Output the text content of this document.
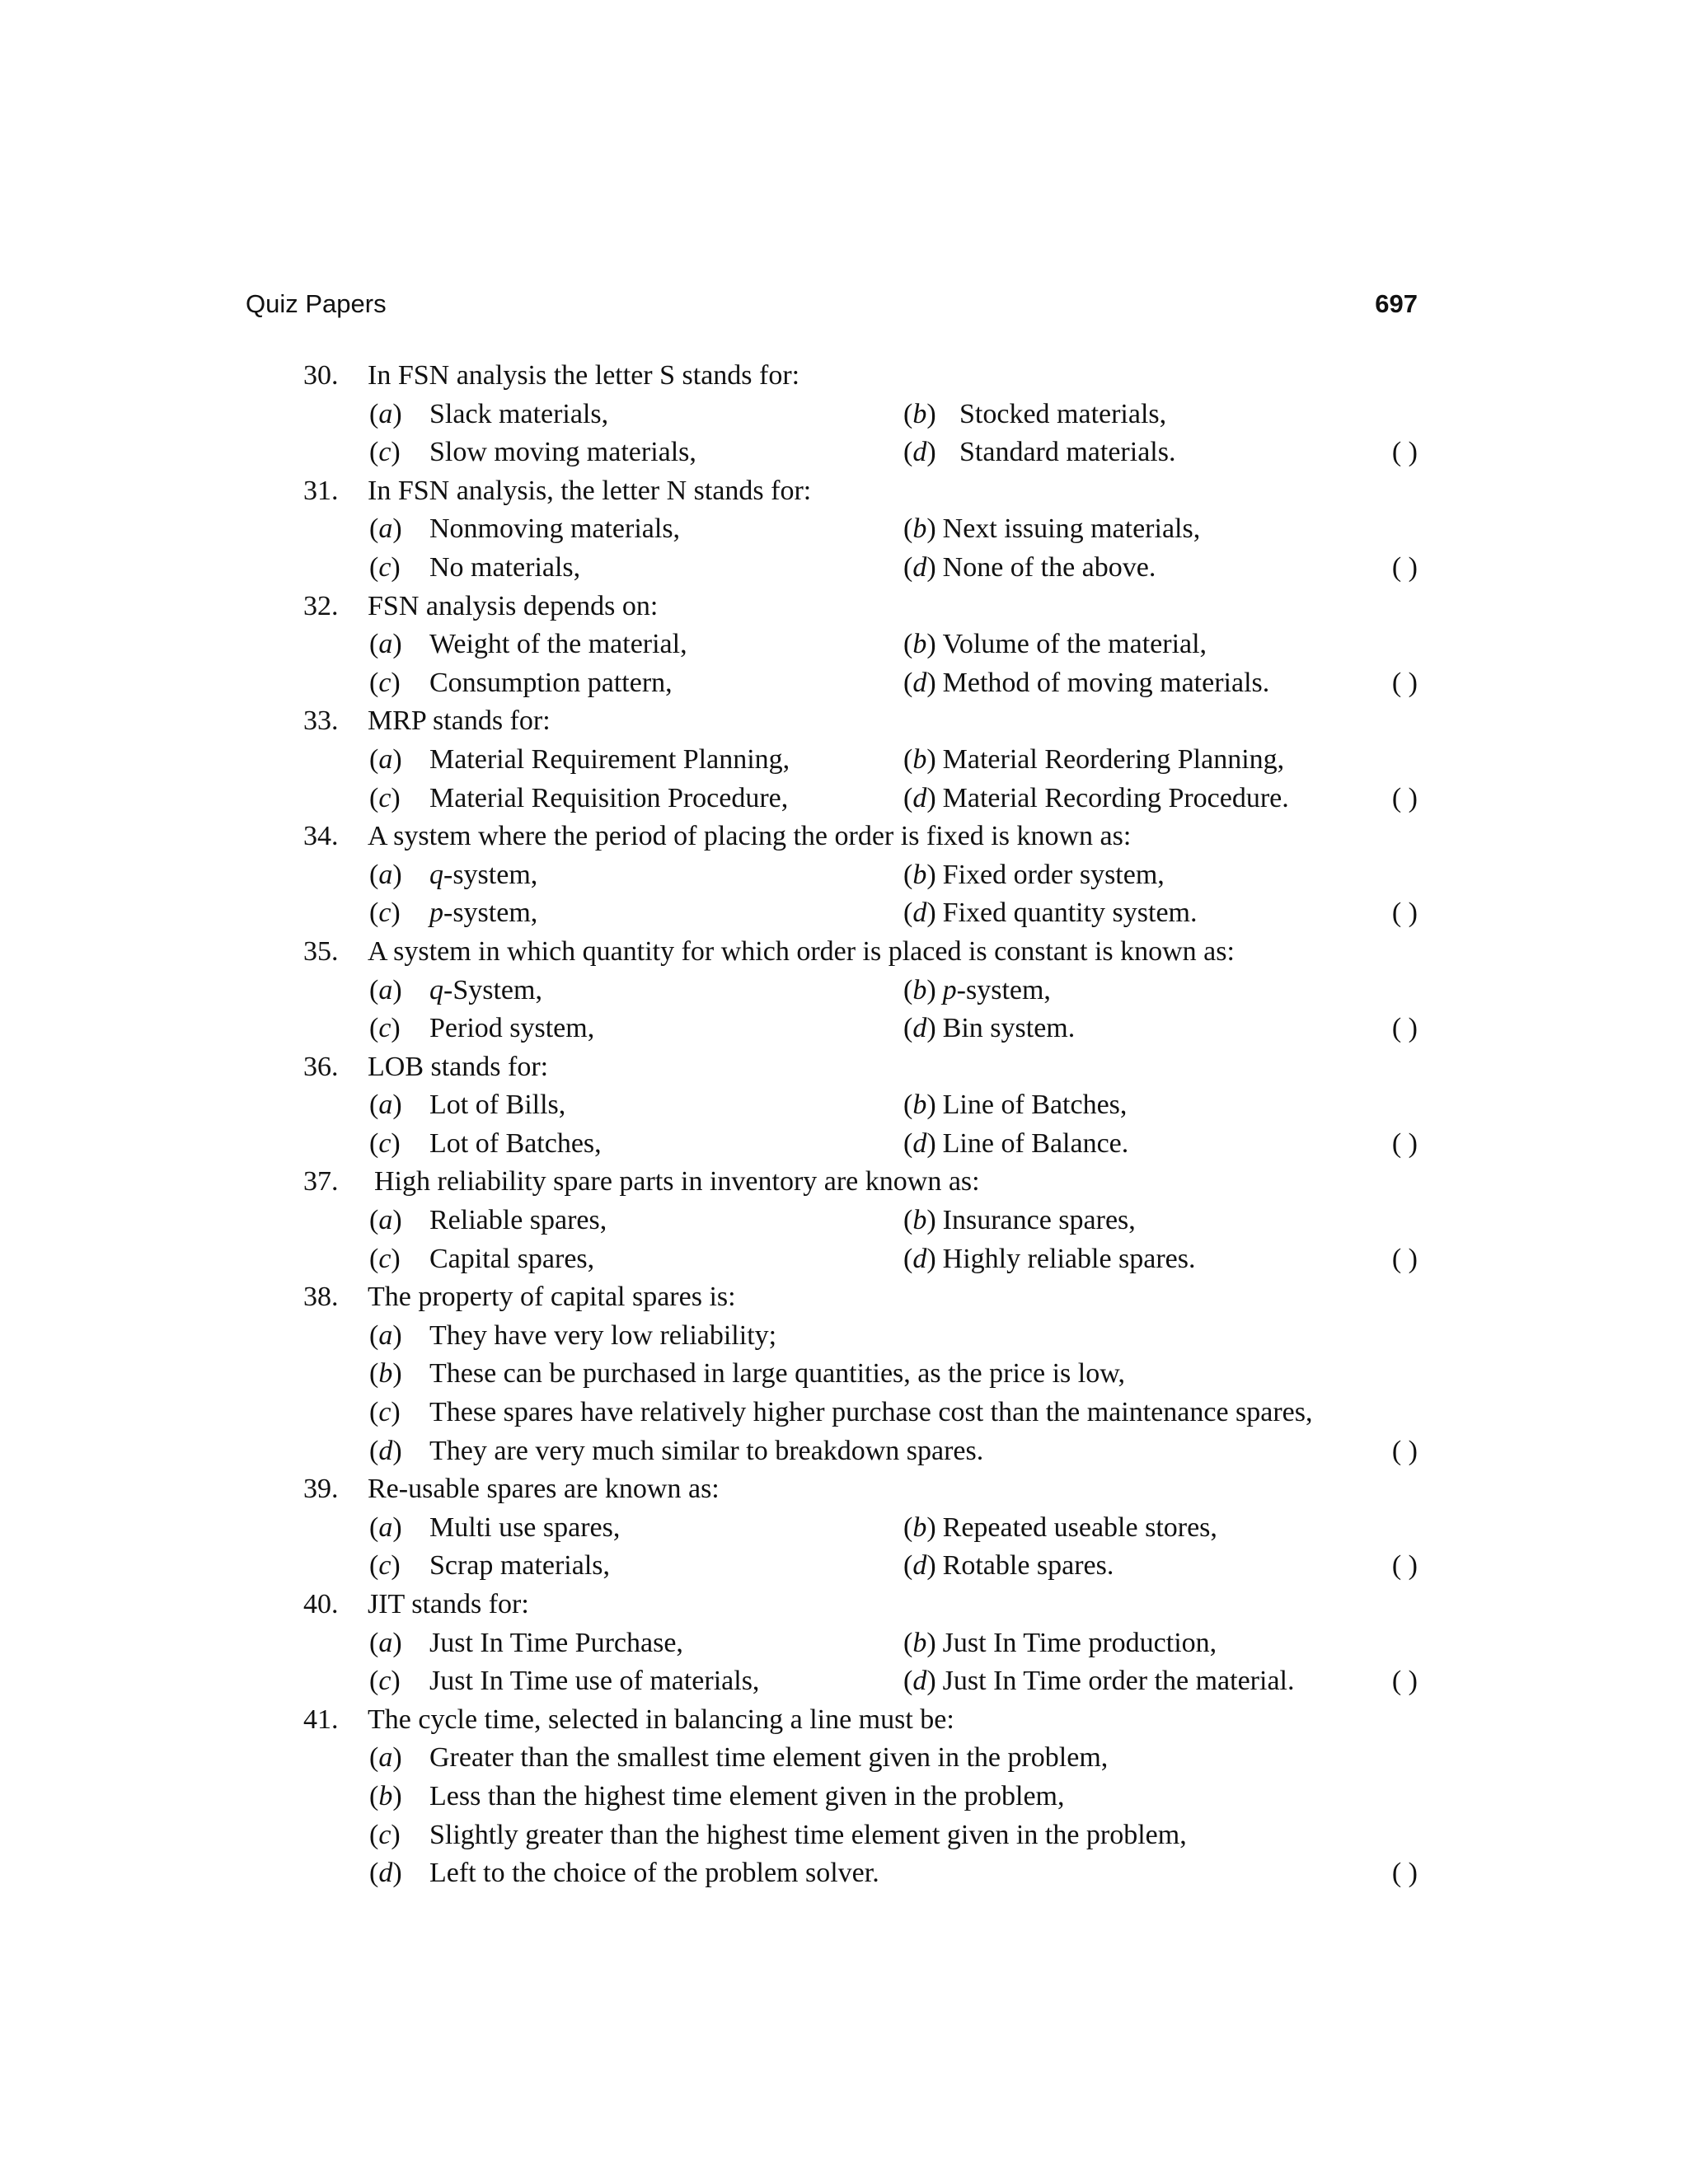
Quiz Papers	697
30. In FSN analysis the letter S stands for:
(a) Slack materials,	(b) Stocked materials,
(c) Slow moving materials,	(d) Standard materials.	( )
31. In FSN analysis, the letter N stands for:
(a) Nonmoving materials,	(b) Next issuing materials,
(c) No materials,	(d) None of the above.	( )
32. FSN analysis depends on:
(a) Weight of the material,	(b) Volume of the material,
(c) Consumption pattern,	(d) Method of moving materials.	( )
33. MRP stands for:
(a) Material Requirement Planning,	(b) Material Reordering Planning,
(c) Material Requisition Procedure,	(d) Material Recording Procedure.	( )
34. A system where the period of placing the order is fixed is known as:
(a) q-system,	(b) Fixed order system,
(c) p-system,	(d) Fixed quantity system.	( )
35. A system in which quantity for which order is placed is constant is known as:
(a) q-System,	(b) p-system,
(c) Period system,	(d) Bin system.	( )
36. LOB stands for:
(a) Lot of Bills,	(b) Line of Batches,
(c) Lot of Batches,	(d) Line of Balance.	( )
37. High reliability spare parts in inventory are known as:
(a) Reliable spares,	(b) Insurance spares,
(c) Capital spares,	(d) Highly reliable spares.	( )
38. The property of capital spares is:
(a) They have very low reliability;
(b) These can be purchased in large quantities, as the price is low,
(c) These spares have relatively higher purchase cost than the maintenance spares,
(d) They are very much similar to breakdown spares.	( )
39. Re-usable spares are known as:
(a) Multi use spares,	(b) Repeated useable stores,
(c) Scrap materials,	(d) Rotable spares.	( )
40. JIT stands for:
(a) Just In Time Purchase,	(b) Just In Time production,
(c) Just In Time use of materials,	(d) Just In Time order the material.	( )
41. The cycle time, selected in balancing a line must be:
(a) Greater than the smallest time element given in the problem,
(b) Less than the highest time element given in the problem,
(c) Slightly greater than the highest time element given in the problem,
(d) Left to the choice of the problem solver.	( )
